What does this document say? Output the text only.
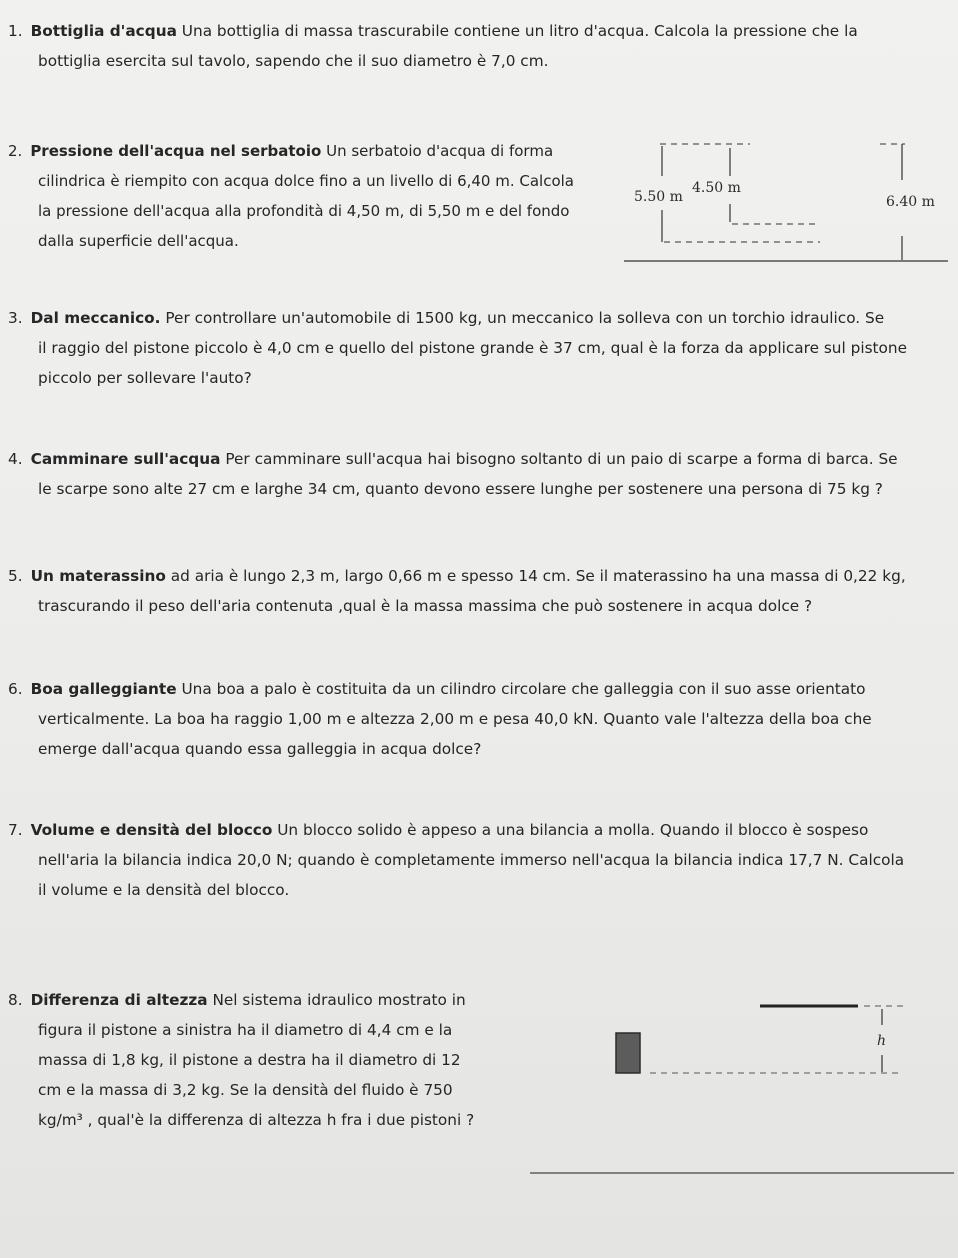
1. Bottiglia d'acqua Una bottiglia di massa trascurabile contiene un litro d'acqua. Calcola la pressione che la
bottiglia esercita sul tavolo, sapendo che il suo diametro è 7,0 cm.
2. Pressione dell'acqua nel serbatoio Un serbatoio d'acqua di forma
cilindrica è riempito con acqua dolce fino a un livello di 6,40 m. Calcola
la pressione dell'acqua alla profondità di 4,50 m, di 5,50 m e del fondo
dalla superficie dell'acqua.
5.50 m
4.50 m
6.40 m
3. Dal meccanico. Per controllare un'automobile di 1500 kg, un meccanico la solleva con un torchio idraulico. Se
il raggio del pistone piccolo è 4,0 cm e quello del pistone grande è 37 cm, qual è la forza da applicare sul pistone
piccolo per sollevare l'auto?
4. Camminare sull'acqua Per camminare sull'acqua hai bisogno soltanto di un paio di scarpe a forma di barca. Se
le scarpe sono alte 27 cm e larghe 34 cm, quanto devono essere lunghe per sostenere una persona di 75 kg ?
5. Un materassino ad aria è lungo 2,3 m, largo 0,66 m e spesso 14 cm. Se il materassino ha una massa di 0,22 kg,
trascurando il peso dell'aria contenuta ,qual è la massa massima che può sostenere in acqua dolce ?
6. Boa galleggiante Una boa a palo è costituita da un cilindro circolare che galleggia con il suo asse orientato
verticalmente. La boa ha raggio 1,00 m e altezza 2,00 m e pesa 40,0 kN. Quanto vale l'altezza della boa che
emerge dall'acqua quando essa galleggia in acqua dolce?
7. Volume e densità del blocco Un blocco solido è appeso a una bilancia a molla. Quando il blocco è sospeso
nell'aria la bilancia indica 20,0 N; quando è completamente immerso nell'acqua la bilancia indica 17,7 N. Calcola
il volume e la densità del blocco.
8. Differenza di altezza Nel sistema idraulico mostrato in
figura il pistone a sinistra ha il diametro di 4,4 cm e la
massa di 1,8 kg, il pistone a destra ha il diametro di 12
cm e la massa di 3,2 kg. Se la densità del fluido è 750
kg/m³ , qual'è la differenza di altezza h fra i due pistoni ?
h
